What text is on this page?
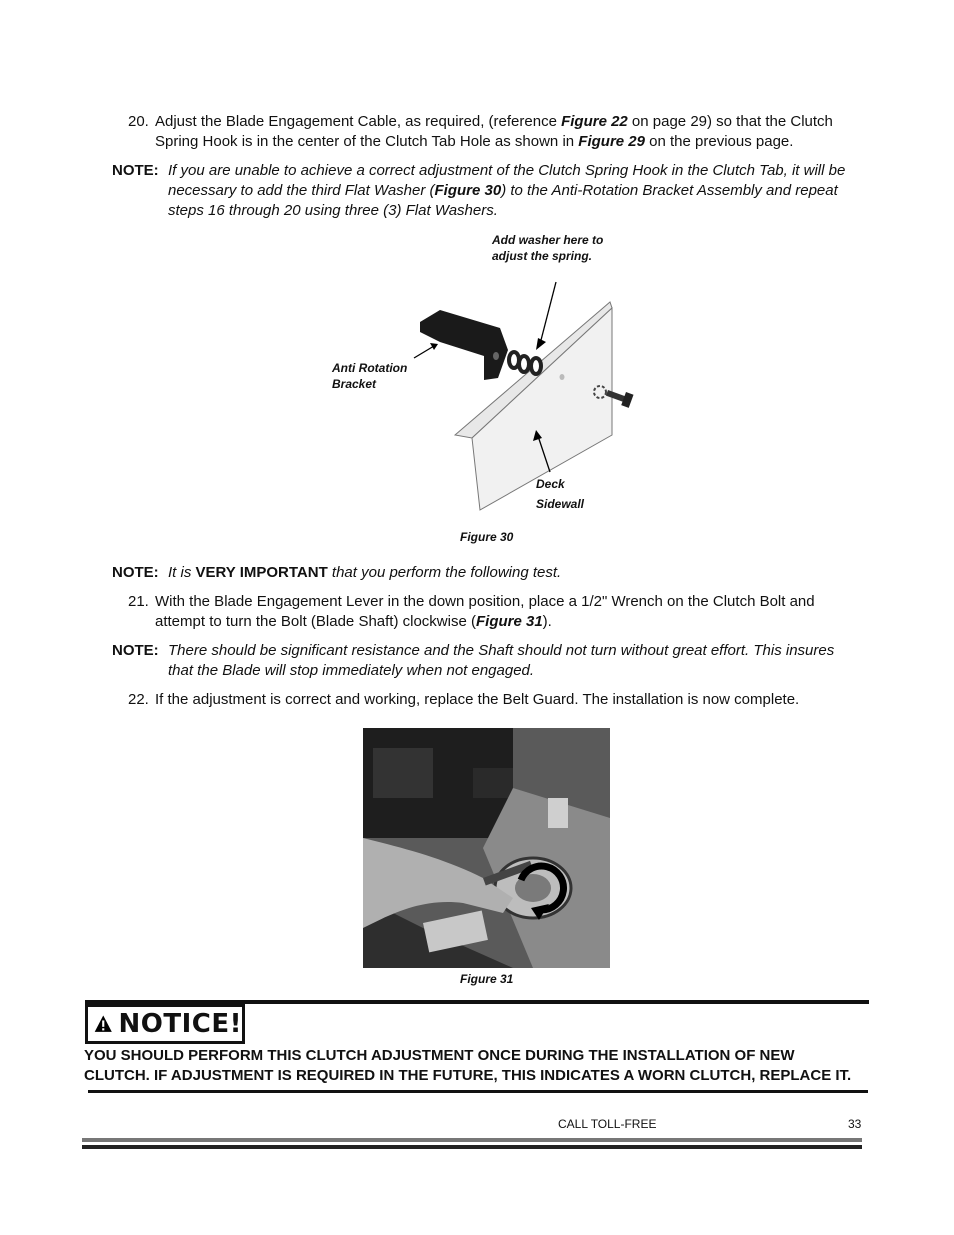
20. Adjust the Blade Engagement Cable, as required, (reference Figure 22 on page 29) so that the Clutch Spring Hook is in the center of the Clutch Tab Hole as shown in Figure 29 on the previous page.
NOTE: If you are unable to achieve a correct adjustment of the Clutch Spring Hook in the Clutch Tab, it will be necessary to add the third Flat Washer (Figure 30) to the Anti-Rotation Bracket Assembly and repeat steps 16 through 20 using three (3) Flat Washers.
Add washer here to
adjust the spring.
Anti Rotation
Bracket
Deck
Sidewall
Figure 30
NOTE: It is VERY IMPORTANT that you perform the following test.
21. With the Blade Engagement Lever in the down position, place a 1/2" Wrench on the Clutch Bolt and attempt to turn the Bolt (Blade Shaft) clockwise (Figure 31).
NOTE: There should be significant resistance and the Shaft should not turn without great effort. This insures that the Blade will stop immediately when not engaged.
22. If the adjustment is correct and working, replace the Belt Guard. The installation is now complete.
Figure 31
NOTICE!
YOU SHOULD PERFORM THIS CLUTCH ADJUSTMENT ONCE DURING THE INSTALLATION OF NEW
CLUTCH. IF ADJUSTMENT IS REQUIRED IN THE FUTURE, THIS INDICATES A WORN CLUTCH, REPLACE IT.
CALL TOLL-FREE	33
